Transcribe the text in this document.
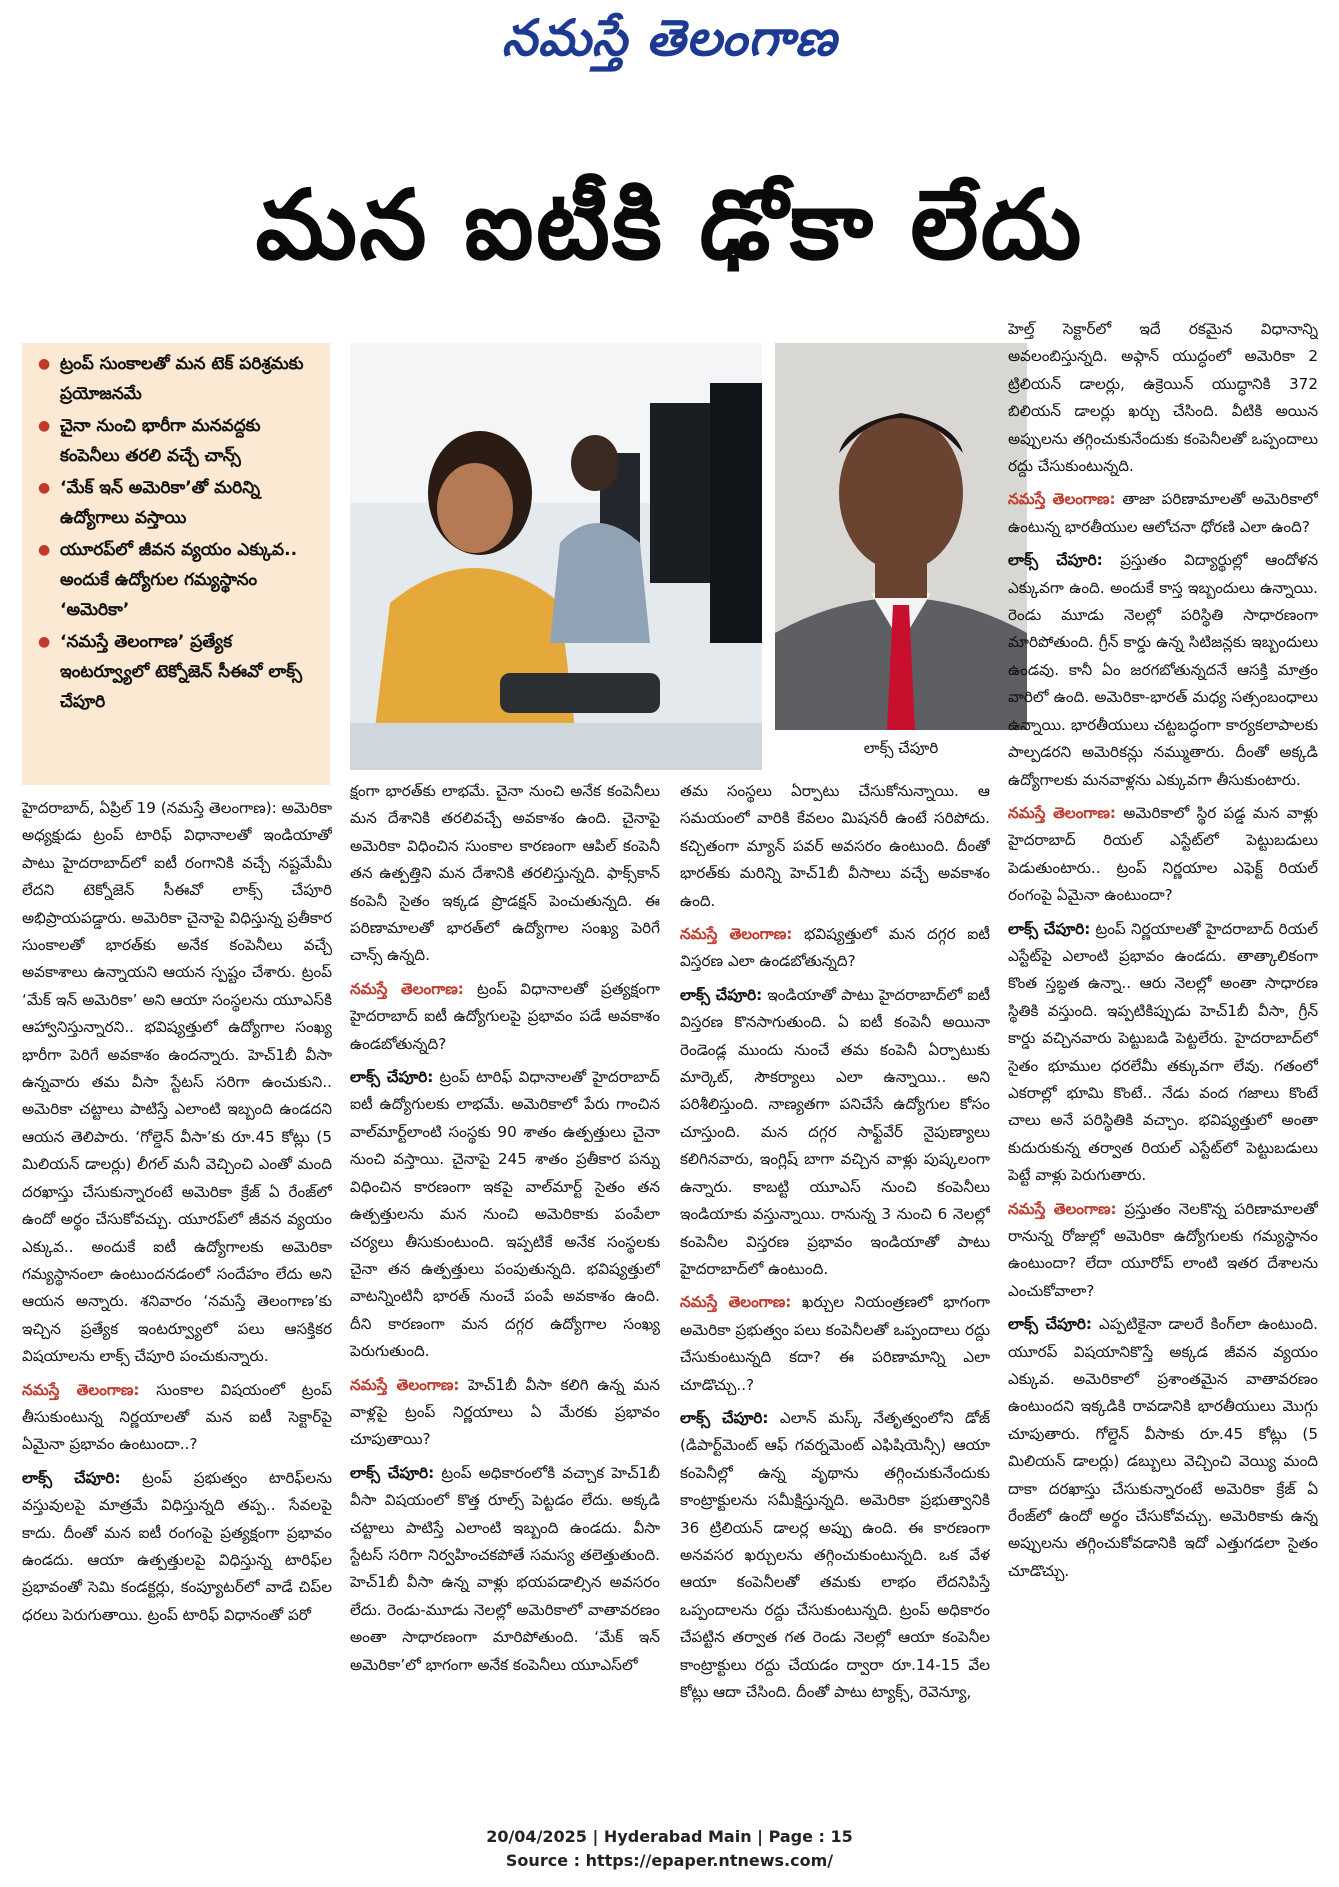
నమస్తే తెలంగాణ
మన ఐటీకి ఢోకా లేదు
● ట్రంప్ సుంకాలతో మన టెక్ పరిశ్రమకు ప్రయోజనమే
● చైనా నుంచి భారీగా మనవద్దకు కంపెనీలు తరలి వచ్చే చాన్స్
● ‘మేక్ ఇన్ అమెరికా’తో మరిన్ని ఉద్యోగాలు వస్తాయి
● యూరప్‌లో జీవన వ్యయం ఎక్కువ.. అందుకే ఉద్యోగుల గమ్యస్థానం ‘అమెరికా’
● ‘నమస్తే తెలంగాణ’ ప్రత్యేక ఇంటర్వ్యూలో టెక్నోజెన్ సీఈవో లాక్స్ చేపూరి
లాక్స్ చేపూరి

హైదరాబాద్, ఏప్రిల్ 19 (నమస్తే తెలంగాణ): అమెరికా అధ్యక్షుడు ట్రంప్ టారిఫ్ విధానాలతో ఇండియాతో పాటు హైదరాబాద్‌లో ఐటీ రంగానికి వచ్చే నష్టమేమీ లేదని టెక్నోజెన్ సీఈవో లాక్స్ చేపూరి అభిప్రాయపడ్డారు. అమెరికా చైనాపై విధిస్తున్న ప్రతీకార సుంకాలతో భారత్‌కు అనేక కంపెనీలు వచ్చే అవకాశాలు ఉన్నాయని ఆయన స్పష్టం చేశారు. ట్రంప్ ‘మేక్ ఇన్ అమెరికా’ అని ఆయా సంస్థలను యూఎస్‌కి ఆహ్వానిస్తున్నారని.. భవిష్యత్తులో ఉద్యోగాల సంఖ్య భారీగా పెరిగే అవకాశం ఉందన్నారు. హెచ్1బీ వీసా ఉన్నవారు తమ వీసా స్టేటస్ సరిగా ఉంచుకుని.. అమెరికా చట్టాలు పాటిస్తే ఎలాంటి ఇబ్బంది ఉండదని ఆయన తెలిపారు. ‘గోల్డెన్ వీసా’కు రూ.45 కోట్లు (5 మిలియన్ డాలర్లు) లీగల్ మనీ వెచ్చించి ఎంతో మంది దరఖాస్తు చేసుకున్నారంటే అమెరికా క్రేజ్ ఏ రేంజ్‌లో ఉందో అర్థం చేసుకోవచ్చు. యూరప్‌లో జీవన వ్యయం ఎక్కువ.. అందుకే ఐటీ ఉద్యోగాలకు అమెరికా గమ్యస్థానంలా ఉంటుందనడంలో సందేహం లేదు అని ఆయన అన్నారు. శనివారం ‘నమస్తే తెలంగాణ’కు ఇచ్చిన ప్రత్యేక ఇంటర్వ్యూలో పలు ఆసక్తికర విషయాలను లాక్స్ చేపూరి పంచుకున్నారు.

నమస్తే తెలంగాణ: సుంకాల విషయంలో ట్రంప్ తీసుకుంటున్న నిర్ణయాలతో మన ఐటీ సెక్టార్‌పై ఏమైనా ప్రభావం ఉంటుందా..?

లాక్స్ చేపూరి: ట్రంప్ ప్రభుత్వం టారిఫ్‌లను వస్తువులపై మాత్రమే విధిస్తున్నది తప్ప.. సేవలపై కాదు. దీంతో మన ఐటీ రంగంపై ప్రత్యక్షంగా ప్రభావం ఉండదు. ఆయా ఉత్పత్తులపై విధిస్తున్న టారిఫ్‌ల ప్రభావంతో సెమి కండక్టర్లు, కంప్యూటర్‌లో వాడే చిప్‌ల ధరలు పెరుగుతాయి. ట్రంప్ టారిఫ్ విధానంతో పరో

క్షంగా భారత్‌కు లాభమే. చైనా నుంచి అనేక కంపెనీలు మన దేశానికి తరలివచ్చే అవకాశం ఉంది. చైనాపై అమెరికా విధించిన సుంకాల కారణంగా ఆపిల్ కంపెనీ తన ఉత్పత్తిని మన దేశానికి తరలిస్తున్నది. ఫాక్స్‌కాన్ కంపెనీ సైతం ఇక్కడ ప్రొడక్షన్ పెంచుతున్నది. ఈ పరిణామాలతో భారత్‌లో ఉద్యోగాల సంఖ్య పెరిగే చాన్స్ ఉన్నది.

నమస్తే తెలంగాణ: ట్రంప్ విధానాలతో ప్రత్యక్షంగా హైదరాబాద్ ఐటీ ఉద్యోగులపై ప్రభావం పడే అవకాశం ఉండబోతున్నది?

లాక్స్ చేపూరి: ట్రంప్ టారిఫ్ విధానాలతో హైదరాబాద్ ఐటీ ఉద్యోగులకు లాభమే. అమెరికాలో పేరు గాంచిన వాల్‌మార్ట్‌లాంటి సంస్థకు 90 శాతం ఉత్పత్తులు చైనా నుంచి వస్తాయి. చైనాపై 245 శాతం ప్రతీకార పన్ను విధించిన కారణంగా ఇకపై వాల్‌మార్ట్ సైతం తన ఉత్పత్తులను మన నుంచి అమెరికాకు పంపేలా చర్యలు తీసుకుంటుంది. ఇప్పటికే అనేక సంస్థలకు చైనా తన ఉత్పత్తులు పంపుతున్నది. భవిష్యత్తులో వాటన్నింటినీ భారత్ నుంచే పంపే అవకాశం ఉంది. దీని కారణంగా మన దగ్గర ఉద్యోగాల సంఖ్య పెరుగుతుంది.

నమస్తే తెలంగాణ: హెచ్1బీ వీసా కలిగి ఉన్న మన వాళ్లపై ట్రంప్ నిర్ణయాలు ఏ మేరకు ప్రభావం చూపుతాయి?

లాక్స్ చేపూరి: ట్రంప్ అధికారంలోకి వచ్చాక హెచ్1బీ వీసా విషయంలో కొత్త రూల్స్ పెట్టడం లేదు. అక్కడి చట్టాలు పాటిస్తే ఎలాంటి ఇబ్బంది ఉండదు. వీసా స్టేటస్ సరిగా నిర్వహించకపోతే సమస్య తలెత్తుతుంది. హెచ్1బీ వీసా ఉన్న వాళ్లు భయపడాల్సిన అవసరం లేదు. రెండు-మూడు నెలల్లో అమెరికాలో వాతావరణం అంతా సాధారణంగా మారిపోతుంది. ‘మేక్ ఇన్ అమెరికా’లో భాగంగా అనేక కంపెనీలు యూఎస్‌లో

తమ సంస్థలు ఏర్పాటు చేసుకోనున్నాయి. ఆ సమయంలో వారికి కేవలం మిషనరీ ఉంటే సరిపోదు. కచ్చితంగా మ్యాన్ పవర్ అవసరం ఉంటుంది. దీంతో భారత్‌కు మరిన్ని హెచ్1బీ వీసాలు వచ్చే అవకాశం ఉంది.

నమస్తే తెలంగాణ: భవిష్యత్తులో మన దగ్గర ఐటీ విస్తరణ ఎలా ఉండబోతున్నది?

లాక్స్ చేపూరి: ఇండియాతో పాటు హైదరాబాద్‌లో ఐటీ విస్తరణ కొనసాగుతుంది. ఏ ఐటీ కంపెనీ అయినా రెండెండ్ల ముందు నుంచే తమ కంపెనీ ఏర్పాటుకు మార్కెట్, సౌకర్యాలు ఎలా ఉన్నాయి.. అని పరిశీలిస్తుంది. నాణ్యతగా పనిచేసే ఉద్యోగుల కోసం చూస్తుంది. మన దగ్గర సాఫ్ట్‌వేర్ నైపుణ్యాలు కలిగినవారు, ఇంగ్లిష్ బాగా వచ్చిన వాళ్లు పుష్కలంగా ఉన్నారు. కాబట్టి యూఎస్ నుంచి కంపెనీలు ఇండియాకు వస్తున్నాయి. రానున్న 3 నుంచి 6 నెలల్లో కంపెనీల విస్తరణ ప్రభావం ఇండియాతో పాటు హైదరాబాద్‌లో ఉంటుంది.

నమస్తే తెలంగాణ: ఖర్చుల నియంత్రణలో భాగంగా అమెరికా ప్రభుత్వం పలు కంపెనీలతో ఒప్పందాలు రద్దు చేసుకుంటున్నది కదా? ఈ పరిణామాన్ని ఎలా చూడొచ్చు..?

లాక్స్ చేపూరి: ఎలాన్ మస్క్ నేతృత్వంలోని డోజ్ (డిపార్ట్‌మెంట్ ఆఫ్ గవర్నమెంట్ ఎఫిషియెన్సీ) ఆయా కంపెనీల్లో ఉన్న వృథాను తగ్గించుకునేందుకు కాంట్రాక్టులను సమీక్షిస్తున్నది. అమెరికా ప్రభుత్వానికి 36 ట్రిలియన్ డాలర్ల అప్పు ఉంది. ఈ కారణంగా అనవసర ఖర్చులను తగ్గించుకుంటున్నది. ఒక వేళ ఆయా కంపెనీలతో తమకు లాభం లేదనిపిస్తే ఒప్పందాలను రద్దు చేసుకుంటున్నది. ట్రంప్ అధికారం చేపట్టిన తర్వాత గత రెండు నెలల్లో ఆయా కంపెనీల కాంట్రాక్టులు రద్దు చేయడం ద్వారా రూ.14-15 వేల కోట్లు ఆదా చేసింది. దీంతో పాటు ట్యాక్స్, రెవెన్యూ,

హెల్త్ సెక్టార్‌లో ఇదే రకమైన విధానాన్ని అవలంబిస్తున్నది. అఫ్గాన్ యుద్ధంలో అమెరికా 2 ట్రిలియన్ డాలర్లు, ఉక్రెయిన్ యుద్ధానికి 372 బిలియన్ డాలర్లు ఖర్చు చేసింది. వీటికి అయిన అప్పులను తగ్గించుకునేందుకు కంపెనీలతో ఒప్పందాలు రద్దు చేసుకుంటున్నది.

నమస్తే తెలంగాణ: తాజా పరిణామాలతో అమెరికాలో ఉంటున్న భారతీయుల ఆలోచనా ధోరణి ఎలా ఉంది?

లాక్స్ చేపూరి: ప్రస్తుతం విద్యార్థుల్లో ఆందోళన ఎక్కువగా ఉంది. అందుకే కాస్త ఇబ్బందులు ఉన్నాయి. రెండు మూడు నెలల్లో పరిస్థితి సాధారణంగా మారిపోతుంది. గ్రీన్ కార్డు ఉన్న సిటిజన్లకు ఇబ్బందులు ఉండవు. కానీ ఏం జరగబోతున్నదనే ఆసక్తి మాత్రం వారిలో ఉంది. అమెరికా-భారత్ మధ్య సత్సంబంధాలు ఉన్నాయి. భారతీయులు చట్టబద్ధంగా కార్యకలాపాలకు పాల్పడరని అమెరికన్లు నమ్ముతారు. దీంతో అక్కడి ఉద్యోగాలకు మనవాళ్లను ఎక్కువగా తీసుకుంటారు.

నమస్తే తెలంగాణ: అమెరికాలో స్థిర పడ్డ మన వాళ్లు హైదరాబాద్ రియల్ ఎస్టేట్‌లో పెట్టుబడులు పెడుతుంటారు.. ట్రంప్ నిర్ణయాల ఎఫెక్ట్ రియల్ రంగంపై ఏమైనా ఉంటుందా?

లాక్స్ చేపూరి: ట్రంప్ నిర్ణయాలతో హైదరాబాద్ రియల్ ఎస్టేట్‌పై ఎలాంటి ప్రభావం ఉండదు. తాత్కాలికంగా కొంత స్తబ్ధత ఉన్నా.. ఆరు నెలల్లో అంతా సాధారణ స్థితికి వస్తుంది. ఇప్పటికిప్పుడు హెచ్1బీ వీసా, గ్రీన్ కార్డు వచ్చినవారు పెట్టుబడి పెట్టలేరు. హైదరాబాద్‌లో సైతం భూముల ధరలేమీ తక్కువగా లేవు. గతంలో ఎకరాల్లో భూమి కొంటే.. నేడు వంద గజాలు కొంటే చాలు అనే పరిస్థితికి వచ్చాం. భవిష్యత్తులో అంతా కుదురుకున్న తర్వాత రియల్ ఎస్టేట్‌లో పెట్టుబడులు పెట్టే వాళ్లు పెరుగుతారు.

నమస్తే తెలంగాణ: ప్రస్తుతం నెలకొన్న పరిణామాలతో రానున్న రోజుల్లో అమెరికా ఉద్యోగులకు గమ్యస్థానం ఉంటుందా? లేదా యూరోప్ లాంటి ఇతర దేశాలను ఎంచుకోవాలా?

లాక్స్ చేపూరి: ఎప్పటికైనా డాలరే కింగ్‌లా ఉంటుంది. యూరప్ విషయానికొస్తే అక్కడ జీవన వ్యయం ఎక్కువ. అమెరికాలో ప్రశాంతమైన వాతావరణం ఉంటుందని ఇక్కడికి రావడానికి భారతీయులు మొగ్గు చూపుతారు. గోల్డెన్ వీసాకు రూ.45 కోట్లు (5 మిలియన్ డాలర్లు) డబ్బులు వెచ్చించి వెయ్యి మంది దాకా దరఖాస్తు చేసుకున్నారంటే అమెరికా క్రేజ్ ఏ రేంజ్‌లో ఉందో అర్థం చేసుకోవచ్చు. అమెరికాకు ఉన్న అప్పులను తగ్గించుకోవడానికి ఇదో ఎత్తుగడలా సైతం చూడొచ్చు.

20/04/2025 | Hyderabad Main | Page : 15
Source : https://epaper.ntnews.com/
